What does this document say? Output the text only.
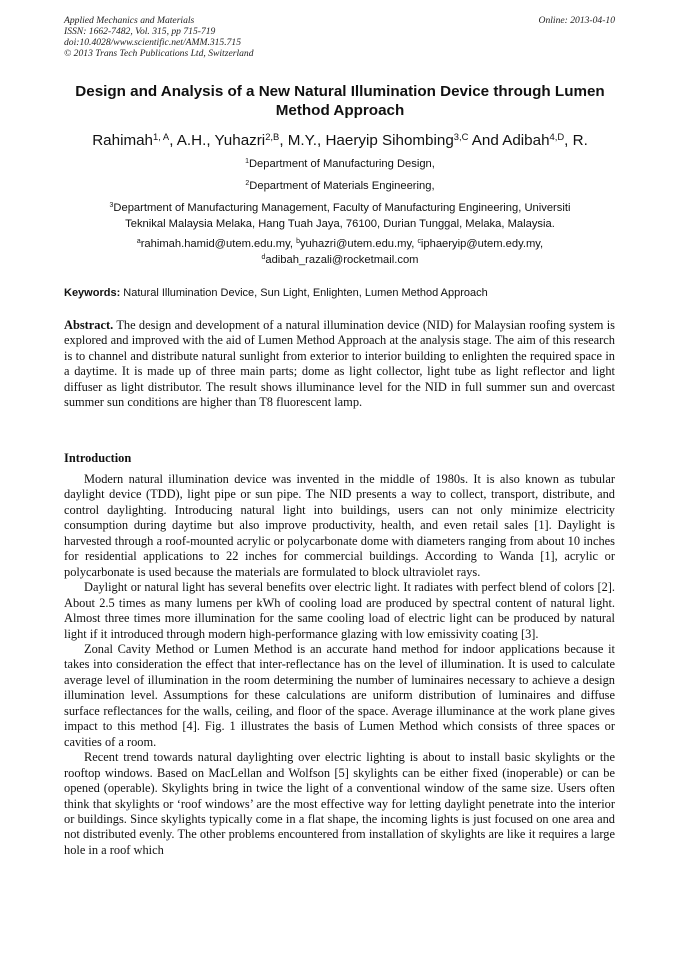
Applied Mechanics and Materials
ISSN: 1662-7482, Vol. 315, pp 715-719
doi:10.4028/www.scientific.net/AMM.315.715
© 2013 Trans Tech Publications Ltd, Switzerland
Online: 2013-04-10
Design and Analysis of a New Natural Illumination Device through Lumen Method Approach
Rahimah$^{1, A}$, A.H., Yuhazri$^{2,B}$, M.Y., Haeryip Sihombing$^{3,C}$ And Adibah$^{4,D}$, R.
$^1$Department of Manufacturing Design,
$^2$Department of Materials Engineering,
$^3$Department of Manufacturing Management, Faculty of Manufacturing Engineering, Universiti
Teknikal Malaysia Melaka, Hang Tuah Jaya, 76100, Durian Tunggal, Melaka, Malaysia.
$^a$rahimah.hamid@utem.edu.my, $^b$yuhazri@utem.edu.my, $^c$iphaeryip@utem.edy.my,
$^d$adibah_razali@rocketmail.com
Keywords: Natural Illumination Device, Sun Light, Enlighten, Lumen Method Approach
Abstract. The design and development of a natural illumination device (NID) for Malaysian roofing system is explored and improved with the aid of Lumen Method Approach at the analysis stage. The aim of this research is to channel and distribute natural sunlight from exterior to interior building to enlighten the required space in a daytime. It is made up of three main parts; dome as light collector, light tube as light reflector and light diffuser as light distributor. The result shows illuminance level for the NID in full summer sun and overcast summer sun conditions are higher than T8 fluorescent lamp.
Introduction

Modern natural illumination device was invented in the middle of 1980s. It is also known as tubular daylight device (TDD), light pipe or sun pipe. The NID presents a way to collect, transport, distribute, and control daylighting. Introducing natural light into buildings, users can not only minimize electricity consumption during daytime but also improve productivity, health, and even retail sales [1]. Daylight is harvested through a roof-mounted acrylic or polycarbonate dome with diameters ranging from about 10 inches for residential applications to 22 inches for commercial buildings. According to Wanda [1], acrylic or polycarbonate is used because the materials are formulated to block ultraviolet rays.

Daylight or natural light has several benefits over electric light. It radiates with perfect blend of colors [2]. About 2.5 times as many lumens per kWh of cooling load are produced by spectral content of natural light. Almost three times more illumination for the same cooling load of electric light can be produced by natural light if it introduced through modern high-performance glazing with low emissivity coating [3].

Zonal Cavity Method or Lumen Method is an accurate hand method for indoor applications because it takes into consideration the effect that inter-reflectance has on the level of illumination. It is used to calculate average level of illumination in the room determining the number of luminaires necessary to achieve a design illumination level. Assumptions for these calculations are uniform distribution of luminaires and diffuse surface reflectances for the walls, ceiling, and floor of the space. Average illuminance at the work plane gives impact to this method [4]. Fig. 1 illustrates the basis of Lumen Method which consists of three spaces or cavities of a room.

Recent trend towards natural daylighting over electric lighting is about to install basic skylights or the rooftop windows. Based on MacLellan and Wolfson [5] skylights can be either fixed (inoperable) or can be opened (operable). Skylights bring in twice the light of a conventional window of the same size. Users often think that skylights or ‘roof windows’ are the most effective way for letting daylight penetrate into the interior or buildings. Since skylights typically come in a flat shape, the incoming lights is just focused on one area and not distributed evenly. The other problems encountered from installation of skylights are like it requires a large hole in a roof which
